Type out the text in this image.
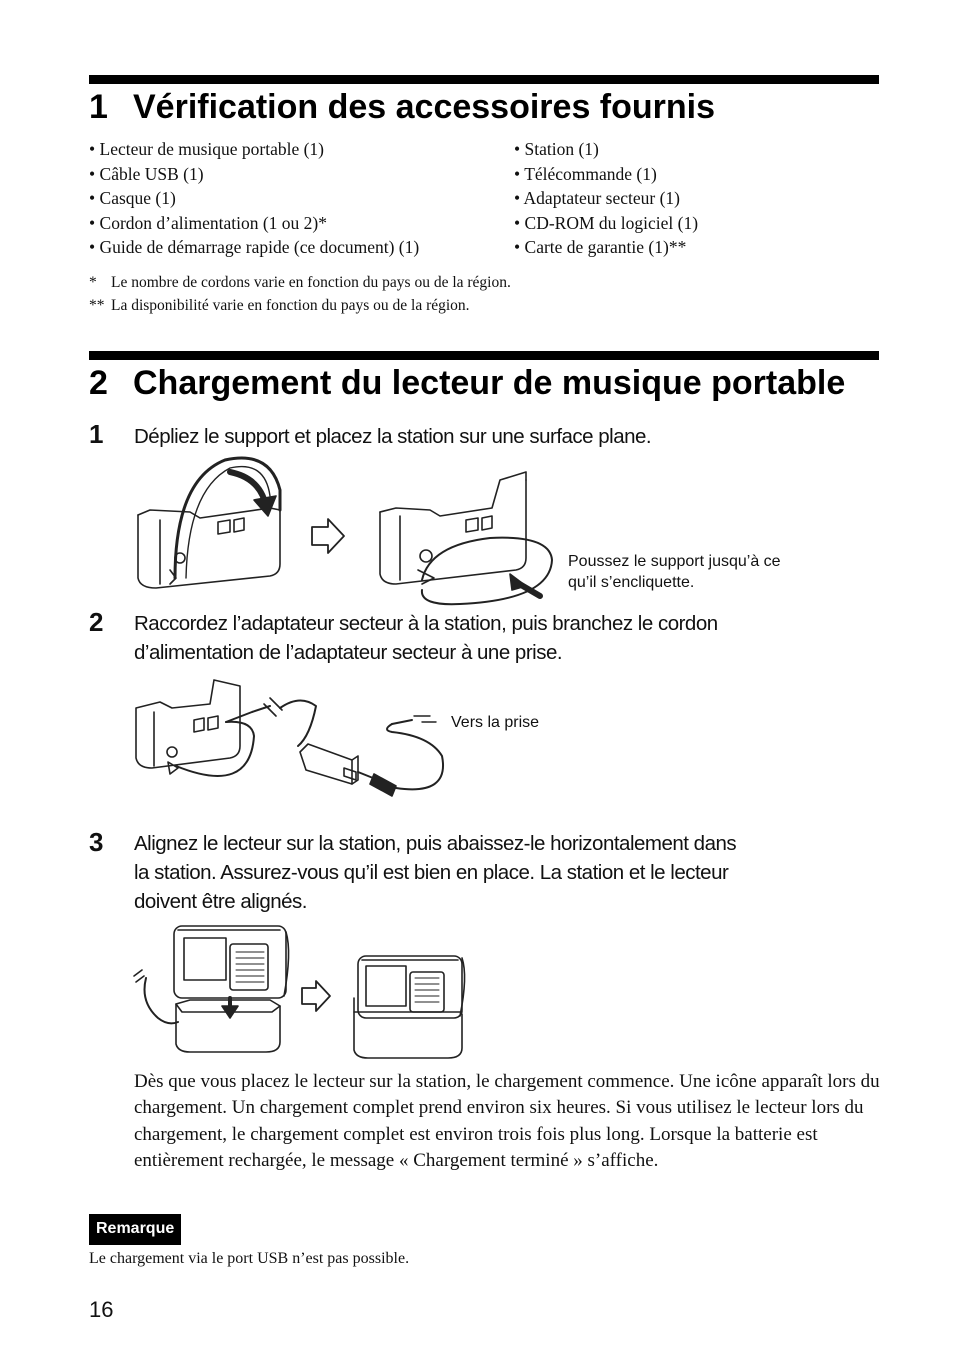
1 Vérification des accessoires fournis
• Lecteur de musique portable (1)
• Câble USB (1)
• Casque (1)
• Cordon d’alimentation (1 ou 2)*
• Guide de démarrage rapide (ce document) (1)
• Station (1)
• Télécommande (1)
• Adaptateur secteur (1)
• CD-ROM du logiciel (1)
• Carte de garantie (1)**
* Le nombre de cordons varie en fonction du pays ou de la région.
** La disponibilité varie en fonction du pays ou de la région.
2 Chargement du lecteur de musique portable
1 Dépliez le support et placez la station sur une surface plane.
Poussez le support jusqu’à ce
qu’il s’encliquette.
2 Raccordez l’adaptateur secteur à la station, puis branchez le cordon
d’alimentation de l’adaptateur secteur à une prise.
Vers la prise
3 Alignez le lecteur sur la station, puis abaissez-le horizontalement dans
la station. Assurez-vous qu’il est bien en place. La station et le lecteur
doivent être alignés.
Dès que vous placez le lecteur sur la station, le chargement commence. Une icône apparaît lors du chargement. Un chargement complet prend environ six heures. Si vous utilisez le lecteur lors du chargement, le chargement complet est environ trois fois plus long. Lorsque la batterie est entièrement rechargée, le message « Chargement terminé » s’affiche.
Remarque
Le chargement via le port USB n’est pas possible.
16
